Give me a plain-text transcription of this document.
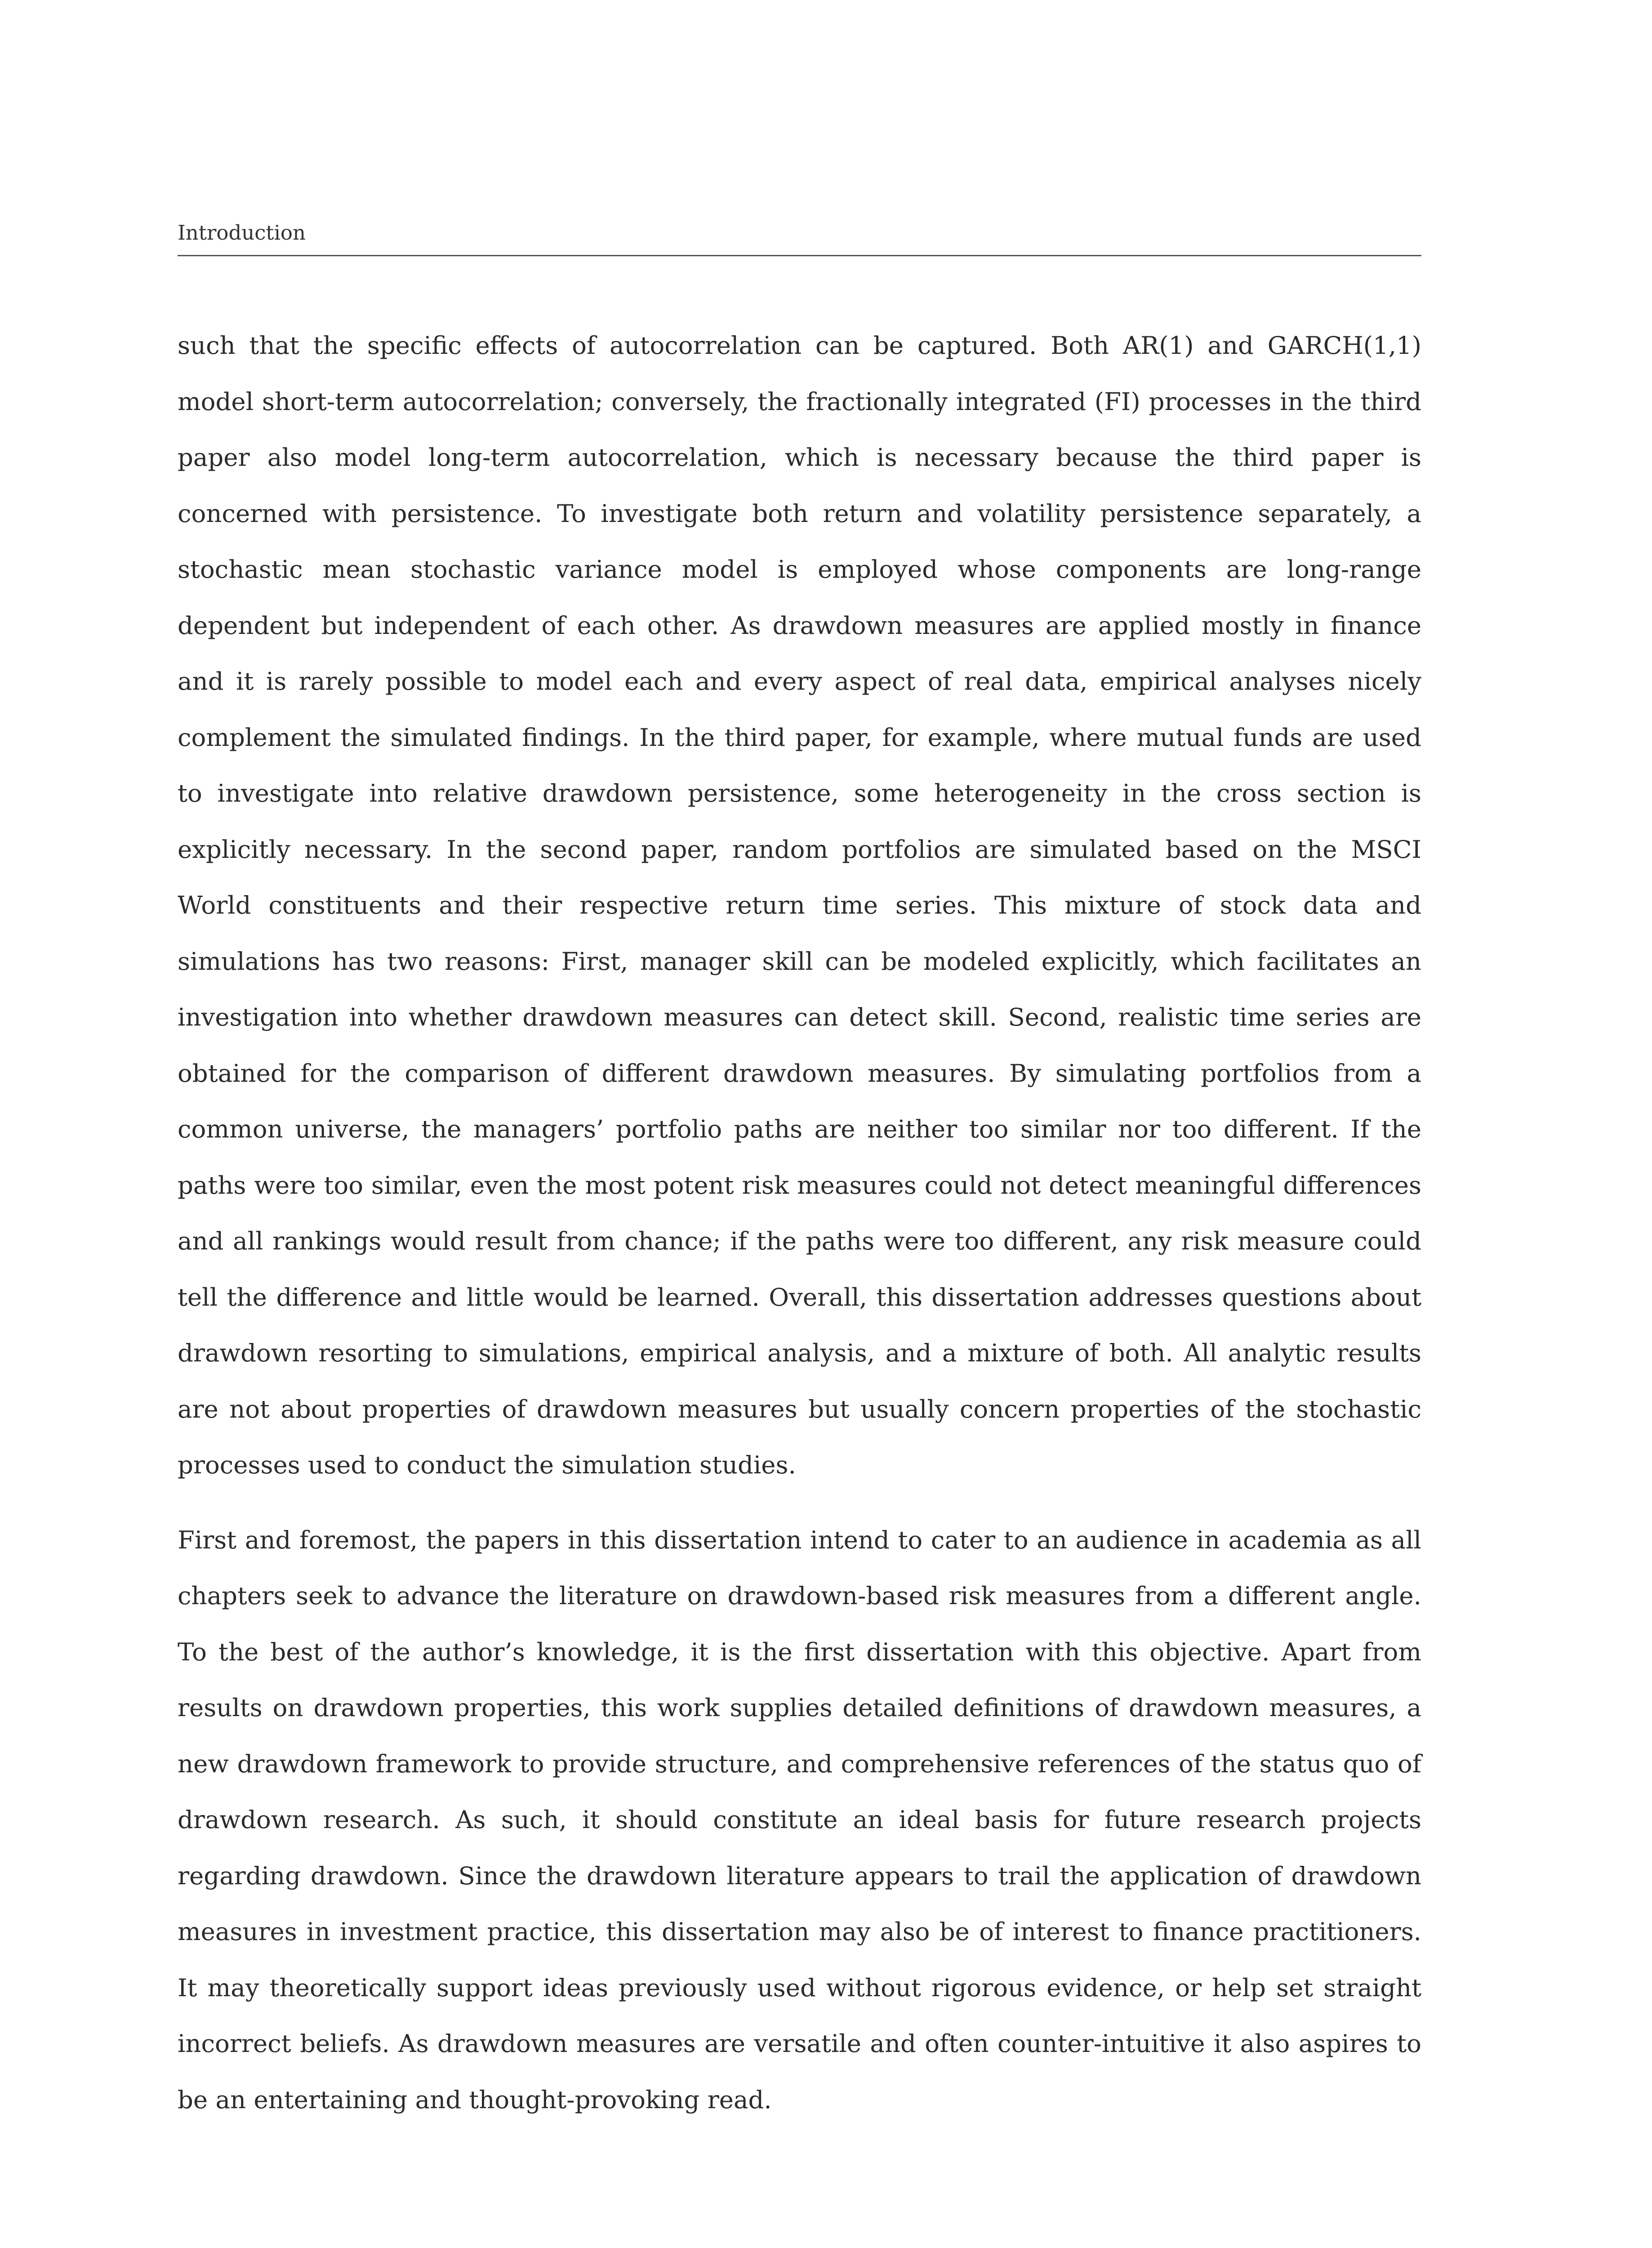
Introduction

such that the specific effects of autocorrelation can be captured. Both AR(1) and GARCH(1,1) model short-term autocorrelation; conversely, the fractionally integrated (FI) processes in the third paper also model long-term autocorrelation, which is necessary because the third paper is concerned with persistence. To investigate both return and volatility persistence separately, a stochastic mean stochastic variance model is employed whose components are long-range dependent but independent of each other. As drawdown measures are applied mostly in finance and it is rarely possible to model each and every aspect of real data, empirical analyses nicely complement the simulated findings. In the third paper, for example, where mutual funds are used to investigate into relative drawdown persistence, some heterogeneity in the cross section is explicitly necessary. In the second paper, random portfolios are simulated based on the MSCI World constituents and their respective return time series. This mixture of stock data and simulations has two reasons: First, manager skill can be modeled explicitly, which facilitates an investigation into whether drawdown measures can detect skill. Second, realistic time series are obtained for the comparison of different drawdown measures. By simulating portfolios from a common universe, the managers’ portfolio paths are neither too similar nor too different. If the paths were too similar, even the most potent risk measures could not detect meaningful differences and all rankings would result from chance; if the paths were too different, any risk measure could tell the difference and little would be learned. Overall, this dissertation addresses questions about drawdown resorting to simulations, empirical analysis, and a mixture of both. All analytic results are not about properties of drawdown measures but usually concern properties of the stochastic processes used to conduct the simulation studies.

First and foremost, the papers in this dissertation intend to cater to an audience in academia as all chapters seek to advance the literature on drawdown-based risk measures from a different angle. To the best of the author’s knowledge, it is the first dissertation with this objective. Apart from results on drawdown properties, this work supplies detailed definitions of drawdown measures, a new drawdown framework to provide structure, and comprehensive references of the status quo of drawdown research. As such, it should constitute an ideal basis for future research projects regarding drawdown. Since the drawdown literature appears to trail the application of drawdown measures in investment practice, this dissertation may also be of interest to finance practitioners. It may theoretically support ideas previously used without rigorous evidence, or help set straight incorrect beliefs. As drawdown measures are versatile and often counter-intuitive it also aspires to be an entertaining and thought-provoking read.
